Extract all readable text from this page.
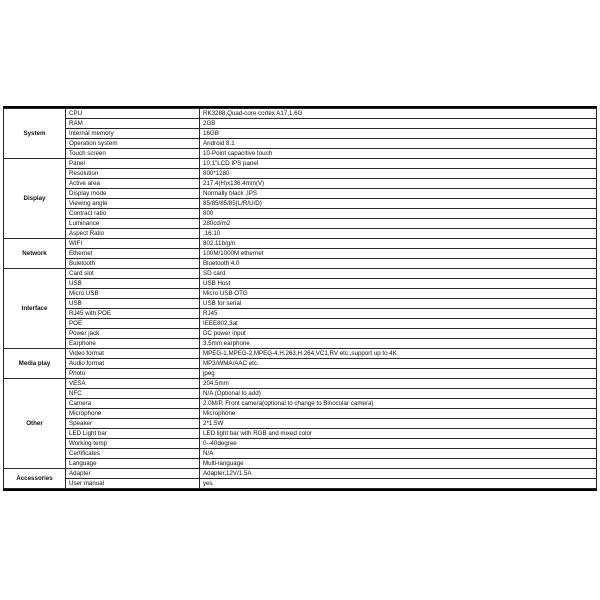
System	CPU	RK3288,Quad-core cortex A17,1.6G
	RAM	2GB
	Internal memory	16GB
	Operation system	Android 8.1
	Touch screen	10-Point capacitive touch
Display	Panel	10.1"LCD IPS panel
	Resolution	800*1280
	Active area	217.4(H)x136.4mm(V)
	Display mode	Normally black ,IPS
	Viewing angle	85/85/85/85(L/R/U/D)
	Contract ratio	800
	Luminance	280cd/m2
	Aspect Ratio	,16:10
Network	WIFI	802.11b/g/n
	Ethernet	100M/1000M ethernet
	Buletooth	Bluetooth 4.0
Interface	Card slot	SD card
	USB	USB Host
	Micro USB	Micro USB OTG
	USB	USB for serial
	RJ45 with POE	RJ45
	POE	IEEE802.3at
	Power jack	DC power input
	Earphone	3.5mm earphone
Media play	Video format	MPEG-1,MPEG-2,MPEG-4,H.263,H.264,VC1,RV etc.,support up to 4K
	Audio format	MP3/WMA/AAC etc.
	Photo	jpeg
Other	VESA	204.5mm
	NFC	N/A (Optional to add)
	Camera	2.0M/P, Front camera(optional to change to Binocular camera)
	Microphone	Microphone
	Speaker	2*1.5W
	LED Light bar	LED light bar with RGB and mixed color
	Working temp	0--40degree
	Certificates	N/A
	Language	Multi-language
Accessories	Adapter	Adapter,12V/1.5A
	User manual	yes
